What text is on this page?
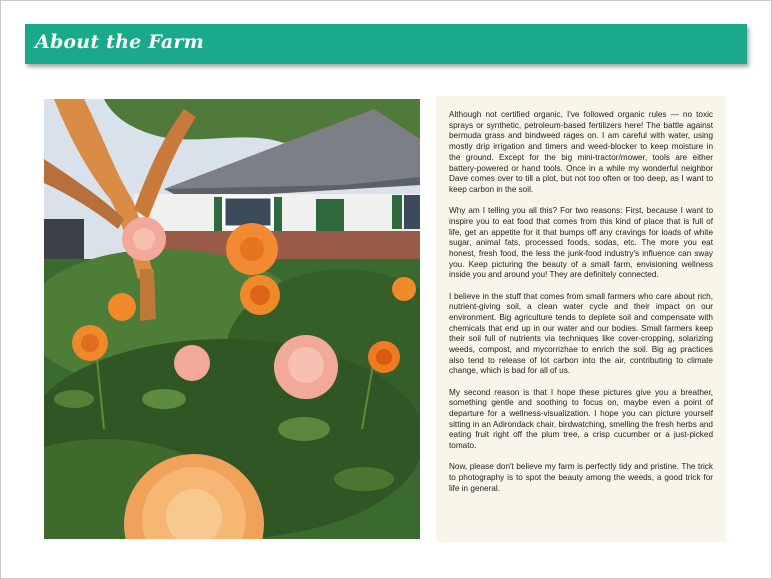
About the Farm

Although not certified organic, I've followed organic rules — no toxic sprays or synthetic, petroleum-based fertilizers here! The battle against bermuda grass and bindweed rages on. I am careful with water, using mostly drip irrigation and timers and weed-blocker to keep moisture in the ground. Except for the big mini-tractor/mower, tools are either battery-powered or hand tools. Once in a while my wonderful neighbor Dave comes over to till a plot, but not too often or too deep, as I want to keep carbon in the soil.

Why am I telling you all this? For two reasons: First, because I want to inspire you to eat food that comes from this kind of place that is full of life, get an appetite for it that bumps off any cravings for loads of white sugar, animal fats, processed foods, sodas, etc. The more you eat honest, fresh food, the less the junk-food industry's influence can sway you. Keep picturing the beauty of a small farm, envisioning wellness inside you and around you! They are definitely connected.

I believe in the stuff that comes from small farmers who care about rich, nutrient-giving soil, a clean water cycle and their impact on our environment. Big agriculture tends to deplete soil and compensate with chemicals that end up in our water and our bodies. Small farmers keep their soil full of nutrients via techniques like cover-cropping, solarizing weeds, compost, and mycorrizhae to enrich the soil. Big ag practices also tend to release of lot carbon into the air, contributing to climate change, which is bad for all of us.

My second reason is that I hope these pictures give you a breather, something gentle and soothing to focus on, maybe even a point of departure for a wellness-visualization. I hope you can picture yourself sitting in an Adirondack chair, birdwatching, smelling the fresh herbs and eating fruit right off the plum tree, a crisp cucumber or a just-picked tomato.

Now, please don't believe my farm is perfectly tidy and pristine. The trick to photography is to spot the beauty among the weeds, a good trick for life in general.
